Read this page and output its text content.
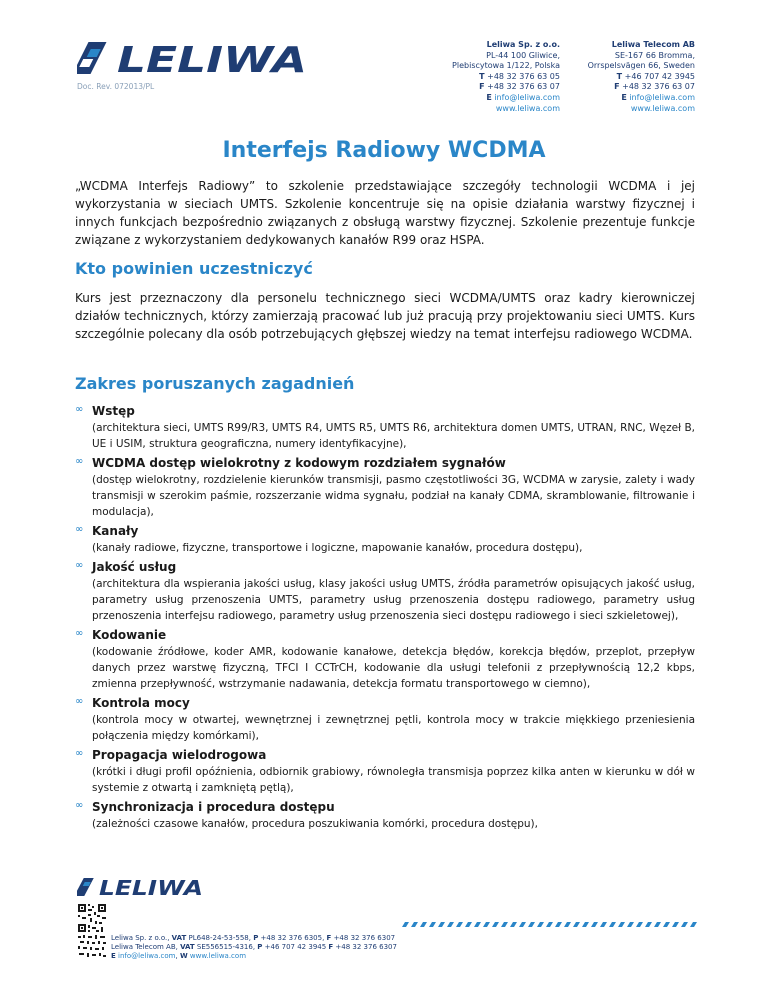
LELIWA
Doc. Rev. 072013/PL
Leliwa Sp. z o.o.
PL-44 100 Gliwice,
Plebiscytowa 1/122, Polska
T +48 32 376 63 05
F +48 32 376 63 07
E info@leliwa.com
www.leliwa.com
Leliwa Telecom AB
SE-167 66 Bromma,
Orrspelsvägen 66, Sweden
T +46 707 42 3945
F +48 32 376 63 07
E info@leliwa.com
www.leliwa.com
Interfejs Radiowy WCDMA
„WCDMA Interfejs Radiowy” to szkolenie przedstawiające szczegóły technologii WCDMA i jej wykorzystania w sieciach UMTS. Szkolenie koncentruje się na opisie działania warstwy fizycznej i innych funkcjach bezpośrednio związanych z obsługą warstwy fizycznej. Szkolenie prezentuje funkcje związane z wykorzystaniem dedykowanych kanałów R99 oraz HSPA.
Kto powinien uczestniczyć
Kurs jest przeznaczony dla personelu technicznego sieci WCDMA/UMTS oraz kadry kierowniczej działów technicznych, którzy zamierzają pracować lub już pracują przy projektowaniu sieci UMTS. Kurs szczególnie polecany dla osób potrzebujących głębszej wiedzy na temat interfejsu radiowego WCDMA.
Zakres poruszanych zagadnień
∞ Wstęp
(architektura sieci, UMTS R99/R3, UMTS R4, UMTS R5, UMTS R6, architektura domen UMTS, UTRAN, RNC, Węzeł B, UE i USIM, struktura geograficzna, numery identyfikacyjne),
∞ WCDMA dostęp wielokrotny z kodowym rozdziałem sygnałów
(dostęp wielokrotny, rozdzielenie kierunków transmisji, pasmo częstotliwości 3G, WCDMA w zarysie, zalety i wady transmisji w szerokim paśmie, rozszerzanie widma sygnału, podział na kanały CDMA, skramblowanie, filtrowanie i modulacja),
∞ Kanały
(kanały radiowe, fizyczne, transportowe i logiczne, mapowanie kanałów, procedura dostępu),
∞ Jakość usług
(architektura dla wspierania jakości usług, klasy jakości usług UMTS, źródła parametrów opisujących jakość usług, parametry usług przenoszenia UMTS, parametry usług przenoszenia dostępu radiowego, parametry usług przenoszenia interfejsu radiowego, parametry usług przenoszenia sieci dostępu radiowego i sieci szkieletowej),
∞ Kodowanie
(kodowanie źródłowe, koder AMR, kodowanie kanałowe, detekcja błędów, korekcja błędów, przeplot, przepływ danych przez warstwę fizyczną, TFCI I CCTrCH, kodowanie dla usługi telefonii z przepływnością 12,2 kbps, zmienna przepływność, wstrzymanie nadawania, detekcja formatu transportowego w ciemno),
∞ Kontrola mocy
(kontrola mocy w otwartej, wewnętrznej i zewnętrznej pętli, kontrola mocy w trakcie miękkiego przeniesienia połączenia między komórkami),
∞ Propagacja wielodrogowa
(krótki i długi profil opóźnienia, odbiornik grabiowy, równoległa transmisja poprzez kilka anten w kierunku w dół w systemie z otwartą i zamkniętą pętlą),
∞ Synchronizacja i procedura dostępu
(zależności czasowe kanałów, procedura poszukiwania komórki, procedura dostępu),
LELIWA
Leliwa Sp. z o.o., VAT PL648-24-53-558, P +48 32 376 6305, F +48 32 376 6307
Leliwa Telecom AB, VAT SE556515-4316, P +46 707 42 3945 F +48 32 376 6307
E info@leliwa.com, W www.leliwa.com
